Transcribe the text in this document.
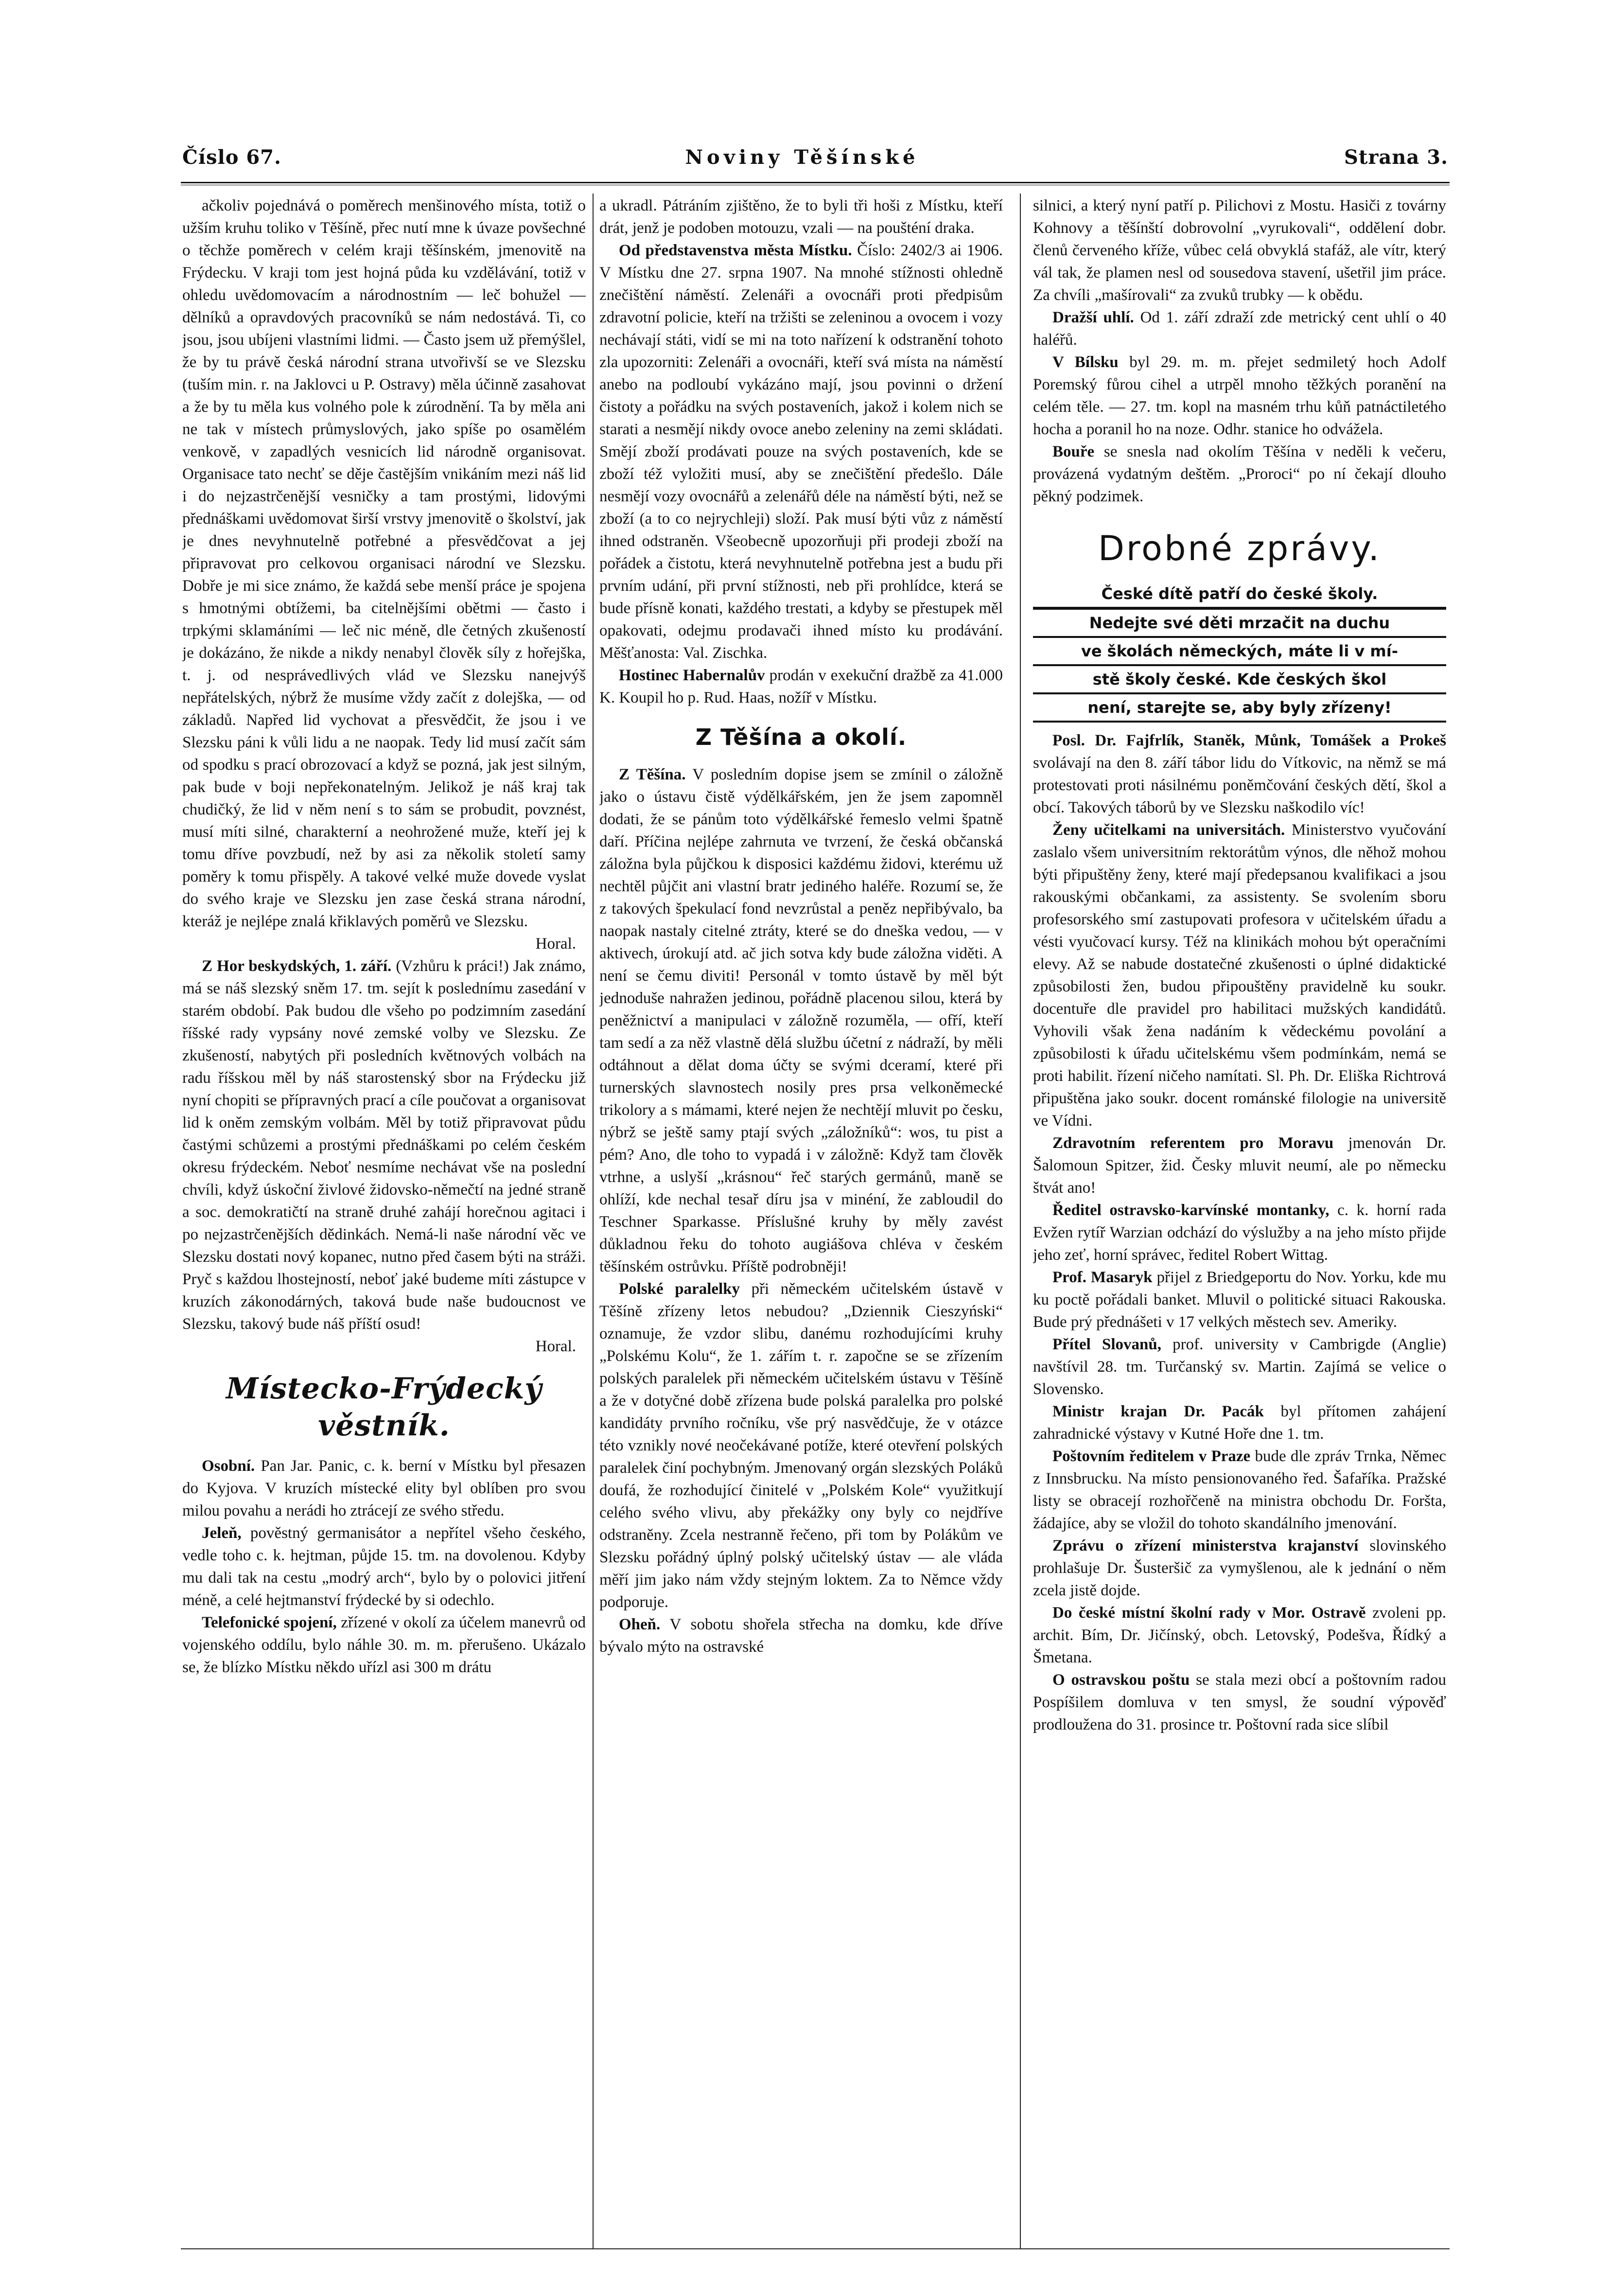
Číslo 67.	Noviny Těšínské	Strana 3.

ačkoliv pojednává o poměrech menšinového místa, totiž o užším kruhu toliko v Těšíně, přec nutí mne k úvaze povšechné o těchže poměrech v celém kraji těšínském, jmenovitě na Frýdecku. V kraji tom jest hojná půda ku vzdělávání, totiž v ohledu uvědomovacím a národnostním — leč bohužel — dělníků a opravdových pracovníků se nám nedostává. Ti, co jsou, jsou ubíjeni vlastními lidmi. — Často jsem už přemýšlel, že by tu právě česká národní strana utvořivší se ve Slezsku (tuším min. r. na Jaklovci u P. Ostravy) měla účinně zasahovat a že by tu měla kus volného pole k zúrodnění. Ta by měla ani ne tak v místech průmyslových, jako spíše po osamělém venkově, v zapadlých vesnicích lid národně organisovat. Organisace tato nechť se děje častějším vnikáním mezi náš lid i do nejzastrčenější vesničky a tam prostými, lidovými přednáškami uvědomovat širší vrstvy jmenovitě o školství, jak je dnes nevyhnutelně potřebné a přesvědčovat a jej připravovat pro celkovou organisaci národní ve Slezsku. Dobře je mi sice známo, že každá sebe menší práce je spojena s hmotnými obtížemi, ba citelnějšími obětmi — často i trpkými sklamáními — leč nic méně, dle četných zkušeností je dokázáno, že nikde a nikdy nenabyl člověk síly z hořejška, t. j. od nesprávedlivých vlád ve Slezsku nanejvýš nepřátelských, nýbrž že musíme vždy začít z dolejška, — od základů. Napřed lid vychovat a přesvědčit, že jsou i ve Slezsku páni k vůli lidu a ne naopak. Tedy lid musí začít sám od spodku s prací obrozovací a když se pozná, jak jest silným, pak bude v boji nepřekonatelným. Jelikož je náš kraj tak chudičký, že lid v něm není s to sám se probudit, povznést, musí míti silné, charakterní a neohrožené muže, kteří jej k tomu dříve povzbudí, než by asi za několik století samy poměry k tomu přispěly. A takové velké muže dovede vyslat do svého kraje ve Slezsku jen zase česká strana národní, kteráž je nejlépe znalá křiklavých poměrů ve Slezsku.

Horal.

Z Hor beskydských, 1. září. (Vzhůru k práci!) Jak známo, má se náš slezský sněm 17. tm. sejít k poslednímu zasedání v starém období. Pak budou dle všeho po podzimním zasedání říšské rady vypsány nové zemské volby ve Slezsku. Ze zkušeností, nabytých při posledních květnových volbách na radu říšskou měl by náš starostenský sbor na Frýdecku již nyní chopiti se přípravných prací a cíle poučovat a organisovat lid k oněm zemským volbám. Měl by totiž připravovat půdu častými schůzemi a prostými přednáškami po celém českém okresu frýdeckém. Neboť nesmíme nechávat vše na poslední chvíli, když úskoční živlové židovsko-němečtí na jedné straně a soc. demokratičtí na straně druhé zahájí horečnou agitaci i po nejzastrčenějších dědinkách. Nemá-li naše národní věc ve Slezsku dostati nový kopanec, nutno před časem býti na stráži. Pryč s každou lhostejností, neboť jaké budeme míti zástupce v kruzích zákonodárných, taková bude naše budoucnost ve Slezsku, takový bude náš příští osud!

Horal.

Místecko-Frýdecký věstník.

Osobní. Pan Jar. Panic, c. k. berní v Místku byl přesazen do Kyjova. V kruzích místecké elity byl oblíben pro svou milou povahu a nerádi ho ztrácejí ze svého středu.

Jeleň, pověstný germanisátor a nepřítel všeho českého, vedle toho c. k. hejtman, půjde 15. tm. na dovolenou. Kdyby mu dali tak na cestu „modrý arch“, bylo by o polovici jitření méně, a celé hejtmanství frýdecké by si odechlo.

Telefonické spojení, zřízené v okolí za účelem manevrů od vojenského oddílu, bylo náhle 30. m. m. přerušeno. Ukázalo se, že blízko Místku někdo uřízl asi 300 m drátu

a ukradl. Pátráním zjištěno, že to byli tři hoši z Místku, kteří drát, jenž je podoben motouzu, vzali — na poušténí draka.

Od představenstva města Místku. Číslo: 2402/3 ai 1906. V Místku dne 27. srpna 1907. Na mnohé stížnosti ohledně znečištění náměstí. Zelenáři a ovocnáři proti předpisům zdravotní policie, kteří na tržišti se zeleninou a ovocem i vozy nechávají státi, vidí se mi na toto nařízení k odstranění tohoto zla upozorniti: Zelenáři a ovocnáři, kteří svá místa na náměstí anebo na podloubí vykázáno mají, jsou povinni o držení čistoty a pořádku na svých postaveních, jakož i kolem nich se starati a nesmějí nikdy ovoce anebo zeleniny na zemi skládati. Smějí zboží prodávati pouze na svých postaveních, kde se zboží též vyložiti musí, aby se znečištění předešlo. Dále nesmějí vozy ovocnářů a zelenářů déle na náměstí býti, než se zboží (a to co nejrychleji) složí. Pak musí býti vůz z náměstí ihned odstraněn. Všeobecně upozorňuji při prodeji zboží na pořádek a čistotu, která nevyhnutelně potřebna jest a budu při prvním udání, při první stížnosti, neb při prohlídce, která se bude přísně konati, každého trestati, a kdyby se přestupek měl opakovati, odejmu prodavači ihned místo ku prodávání. Měšťanosta: Val. Zischka.

Hostinec Habernalův prodán v exekuční dražbě za 41.000 K. Koupil ho p. Rud. Haas, nožíř v Místku.

Z Těšína a okolí.

Z Těšína. V posledním dopise jsem se zmínil o záložně jako o ústavu čistě výdělkářském, jen že jsem zapomněl dodati, že se pánům toto výdělkářské řemeslo velmi špatně daří. Příčina nejlépe zahrnuta ve tvrzení, že česká občanská záložna byla půjčkou k disposici každému židovi, kterému už nechtěl půjčit ani vlastní bratr jediného haléře. Rozumí se, že z takových špekulací fond nevzrůstal a peněz nepřibývalo, ba naopak nastaly citelné ztráty, které se do dneška vedou, — v aktivech, úrokují atd. ač jich sotva kdy bude záložna viděti. A není se čemu diviti! Personál v tomto ústavě by měl být jednoduše nahražen jedinou, pořádně placenou silou, která by peněžnictví a manipulaci v záložně rozuměla, — ofří, kteří tam sedí a za něž vlastně dělá službu účetní z nádraží, by měli odtáhnout a dělat doma účty se svými dceramí, které při turnerských slavnostech nosily pres prsa velkoněmecké trikolory a s mámami, které nejen že nechtějí mluvit po česku, nýbrž se ještě samy ptají svých „záložníků“: wos, tu pist a pém? Ano, dle toho to vypadá i v záložně: Když tam člověk vtrhne, a uslyší „krásnou“ řeč starých germánů, maně se ohlíží, kde nechal tesař díru jsa v minéní, že zabloudil do Teschner Sparkasse. Příslušné kruhy by měly zavést důkladnou řeku do tohoto augiášova chléva v českém těšínském ostrůvku. Příště podrobněji!

Polské paralelky při německém učitelském ústavě v Těšíně zřízeny letos nebudou? „Dziennik Cieszyński“ oznamuje, že vzdor slibu, danému rozhodujícími kruhy „Polskému Kolu“, že 1. zářím t. r. započne se se zřízením polských paralelek při německém učitelském ústavu v Těšíně a že v dotyčné době zřízena bude polská paralelka pro polské kandidáty prvního ročníku, vše prý nasvědčuje, že v otázce této vznikly nové neočekávané potíže, které otevření polských paralelek činí pochybným. Jmenovaný orgán slezských Poláků doufá, že rozhodující činitelé v „Polském Kole“ využitkují celého svého vlivu, aby překážky ony byly co nejdříve odstraněny. Zcela nestranně řečeno, při tom by Polákům ve Slezsku pořádný úplný polský učitelský ústav — ale vláda měří jim jako nám vždy stejným loktem. Za to Němce vždy podporuje.

Oheň. V sobotu shořela střecha na domku, kde dříve bývalo mýto na ostravské

silnici, a který nyní patří p. Pilichovi z Mostu. Hasiči z továrny Kohnovy a těšínští dobrovolní „vyrukovali“, oddělení dobr. členů červeného kříže, vůbec celá obvyklá stafáž, ale vítr, který vál tak, že plamen nesl od sousedova stavení, ušetřil jim práce. Za chvíli „mašírovali“ za zvuků trubky — k obědu.

Dražší uhlí. Od 1. září zdraží zde metrický cent uhlí o 40 haléřů.

V Bílsku byl 29. m. m. přejet sedmiletý hoch Adolf Poremský fůrou cihel a utrpěl mnoho těžkých poranění na celém těle. — 27. tm. kopl na masném trhu kůň patnáctiletého hocha a poranil ho na noze. Odhr. stanice ho odvážela.

Bouře se snesla nad okolím Těšína v neděli k večeru, provázená vydatným deštěm. „Proroci“ po ní čekají dlouho pěkný podzimek.

Drobné zprávy.
České dítě patří do české školy.
Nedejte své děti mrzačit na duchu
ve školách německých, máte li v mí-
stě školy české. Kde českých škol
není, starejte se, aby byly zřízeny!

Posl. Dr. Fajfrlík, Staněk, Můnk, Tomášek a Prokeš svolávají na den 8. září tábor lidu do Vítkovic, na němž se má protestovati proti násilnému poněmčování českých dětí, škol a obcí. Takových táborů by ve Slezsku naškodilo víc!

Ženy učitelkami na universitách. Ministerstvo vyučování zaslalo všem universitním rektorátům výnos, dle něhož mohou býti připuštěny ženy, které mají předepsanou kvalifikaci a jsou rakouskými občankami, za assistenty. Se svolením sboru profesorského smí zastupovati profesora v učitelském úřadu a vésti vyučovací kursy. Též na klinikách mohou být operačními elevy. Až se nabude dostatečné zkušenosti o úplné didaktické způsobilosti žen, budou připouštěny pravidelně ku soukr. docentuře dle pravidel pro habilitaci mužských kandidátů. Vyhovili však žena nadáním k vědeckému povolání a způsobilosti k úřadu učitelskému všem podmínkám, nemá se proti habilit. řízení ničeho namítati. Sl. Ph. Dr. Eliška Richtrová připuštěna jako soukr. docent románské filologie na universitě ve Vídni.

Zdravotním referentem pro Moravu jmenován Dr. Šalomoun Spitzer, žid. Česky mluvit neumí, ale po německu štvát ano!

Ředitel ostravsko-karvínské montanky, c. k. horní rada Evžen rytíř Warzian odchází do výslužby a na jeho místo přijde jeho zeť, horní správec, ředitel Robert Wittag.

Prof. Masaryk přijel z Briedgeportu do Nov. Yorku, kde mu ku poctě pořádali banket. Mluvil o politické situaci Rakouska. Bude prý přednášeti v 17 velkých městech sev. Ameriky.

Přítel Slovanů, prof. university v Cambrigde (Anglie) navštívil 28. tm. Turčanský sv. Martin. Zajímá se velice o Slovensko.

Ministr krajan Dr. Pacák byl přítomen zahájení zahradnické výstavy v Kutné Hoře dne 1. tm.

Poštovním ředitelem v Praze bude dle zpráv Trnka, Němec z Innsbrucku. Na místo pensionovaného řed. Šafaříka. Pražské listy se obracejí rozhořčeně na ministra obchodu Dr. Foršta, žádajíce, aby se vložil do tohoto skandálního jmenování.

Zprávu o zřízení ministerstva krajanství slovinského prohlašuje Dr. Šusteršič za vymyšlenou, ale k jednání o něm zcela jistě dojde.

Do české místní školní rady v Mor. Ostravě zvoleni pp. archit. Bím, Dr. Jičínský, obch. Letovský, Podešva, Řídký a Šmetana.

O ostravskou poštu se stala mezi obcí a poštovním radou Pospíšilem domluva v ten smysl, že soudní výpověď prodloužena do 31. prosince tr. Poštovní rada sice slíbil
